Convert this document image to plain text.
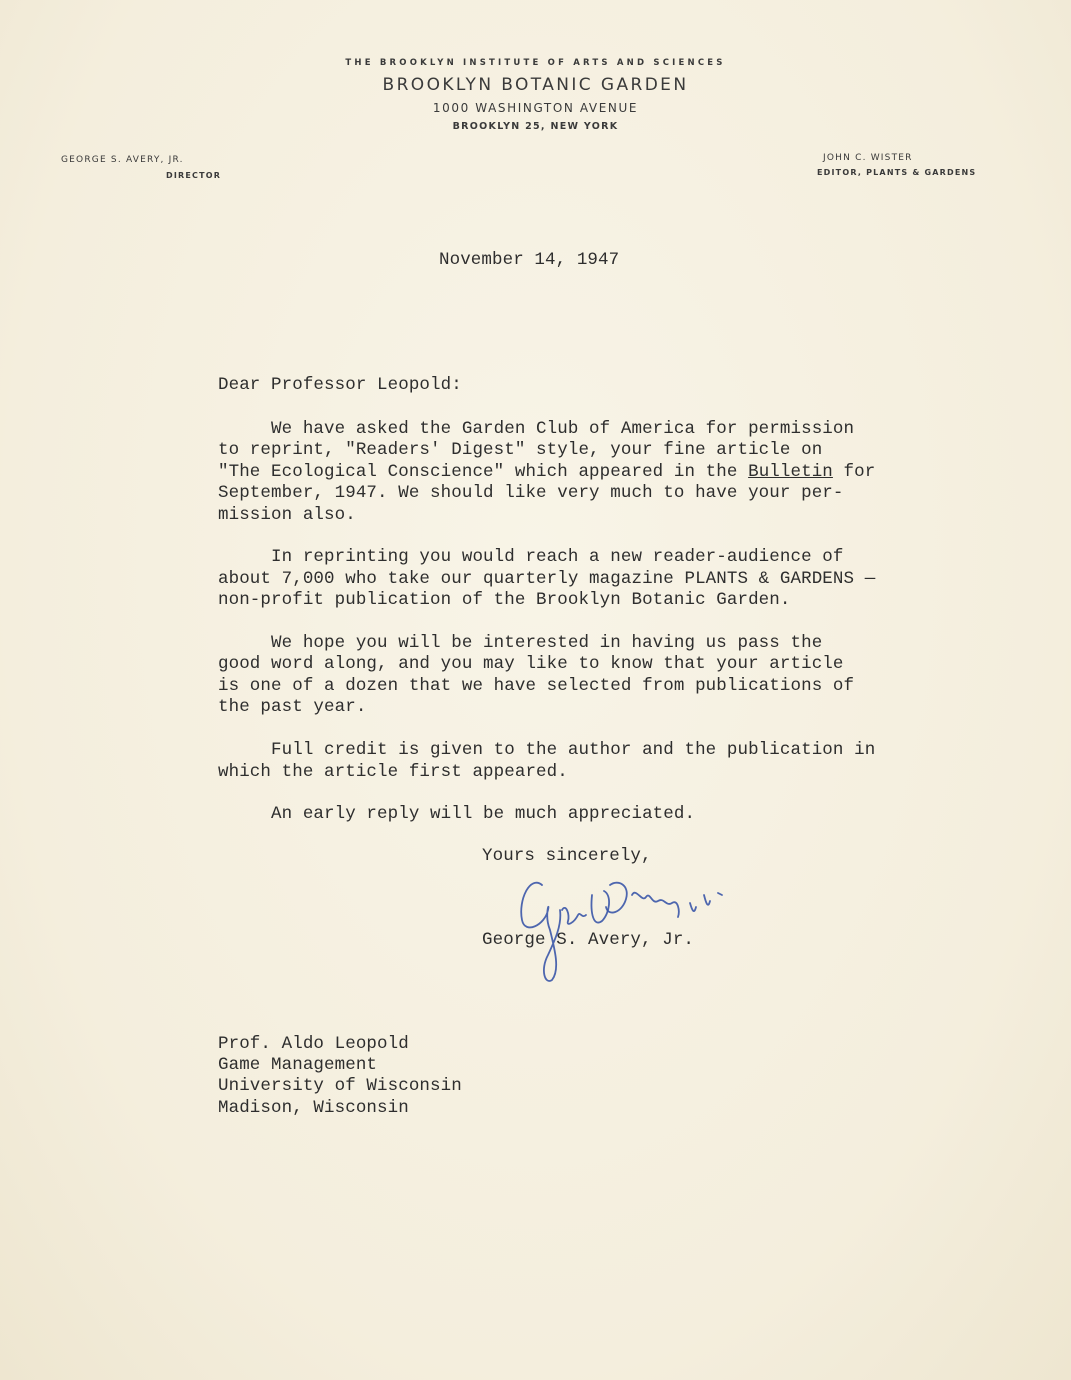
THE BROOKLYN INSTITUTE OF ARTS AND SCIENCES
BROOKLYN BOTANIC GARDEN
1000 WASHINGTON AVENUE
BROOKLYN 25, NEW YORK
GEORGE S. AVERY, JR.
DIRECTOR
JOHN C. WISTER
EDITOR, PLANTS & GARDENS
November 14, 1947
Dear Professor Leopold:
We have asked the Garden Club of America for permission
to reprint, "Readers' Digest" style, your fine article on
"The Ecological Conscience" which appeared in the Bulletin for
September, 1947. We should like very much to have your per-
mission also.

In reprinting you would reach a new reader-audience of
about 7,000 who take our quarterly magazine PLANTS & GARDENS —
non-profit publication of the Brooklyn Botanic Garden.

We hope you will be interested in having us pass the
good word along, and you may like to know that your article
is one of a dozen that we have selected from publications of
the past year.

Full credit is given to the author and the publication in
which the article first appeared.

An early reply will be much appreciated.
Yours sincerely,
George S. Avery, Jr.
Prof. Aldo Leopold
Game Management
University of Wisconsin
Madison, Wisconsin
